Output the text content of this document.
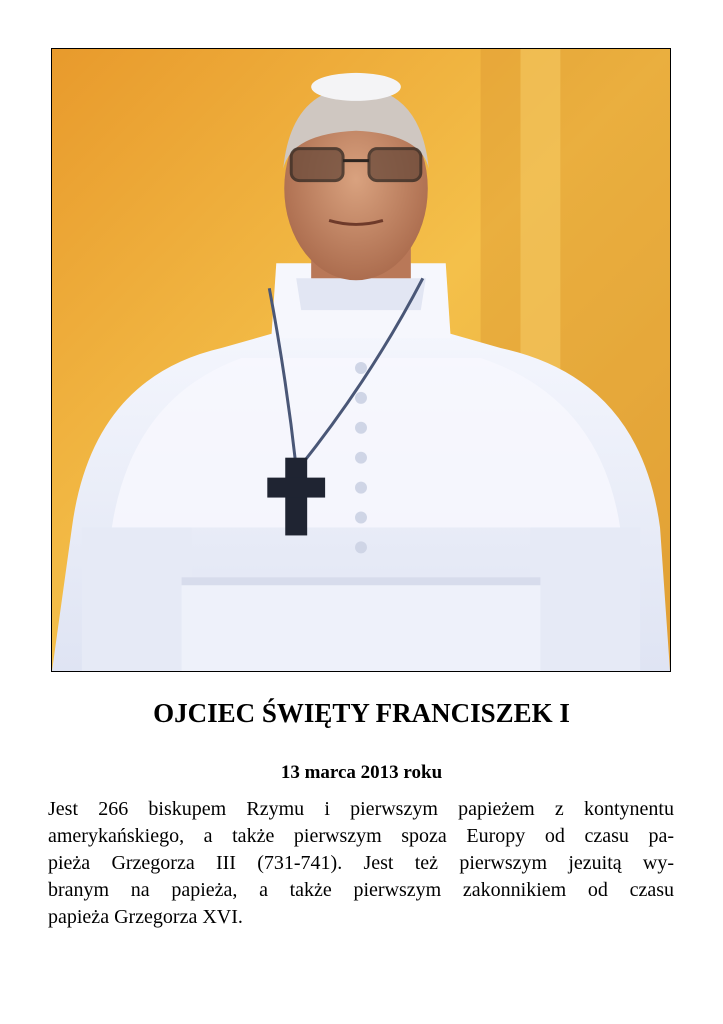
OJCIEC ŚWIĘTY FRANCISZEK I

13 marca 2013 roku

Jest 266 biskupem Rzymu i pierwszym papieżem z kontynentu
amerykańskiego, a także pierwszym spoza Europy od czasu pa-
pieża Grzegorza III (731-741). Jest też pierwszym jezuitą wy-
branym na papieża, a także pierwszym zakonnikiem od czasu
papieża Grzegorza XVI.
